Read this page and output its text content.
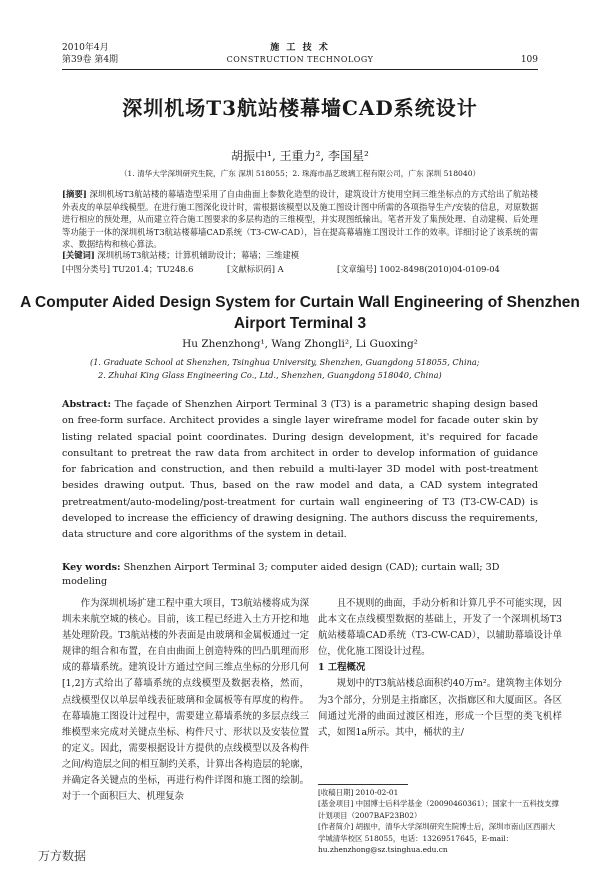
2010年4月
第39卷 第4期
施 工 技 术
CONSTRUCTION TECHNOLOGY	109
深圳机场T3航站楼幕墙CAD系统设计
胡振中¹, 王重力², 李国星²
（1. 清华大学深圳研究生院，广东 深圳 518055；2. 珠海市晶艺玻璃工程有限公司，广东 深圳 518040）
[摘要] 深圳机场T3航站楼的幕墙造型采用了自由曲面上参数化造型的设计，建筑设计方使用空间三维坐标点的方式给出了航站楼外表皮的单层单线模型。在进行施工图深化设计时，需根据该模型以及施工图设计图中所需的各项指导生产/安装的信息，对原数据进行相应的预处理，从而建立符合施工图要求的多层构造的三维模型，并实现图纸输出。笔者开发了集预处理、自动建模、后处理等功能于一体的深圳机场T3航站楼幕墙CAD系统（T3-CW-CAD），旨在提高幕墙施工图设计工作的效率。详细讨论了该系统的需求、数据结构和核心算法。
[关键词] 深圳机场T3航站楼；计算机辅助设计；幕墙；三维建模
[中图分类号] TU201.4；TU248.6	[文献标识码] A	[文章编号] 1002-8498(2010)04-0109-04
A Computer Aided Design System for Curtain Wall Engineering of Shenzhen Airport Terminal 3
Hu Zhenzhong¹, Wang Zhongli², Li Guoxing²
(1. Graduate School at Shenzhen, Tsinghua University, Shenzhen, Guangdong 518055, China;
2. Zhuhai King Glass Engineering Co., Ltd., Shenzhen, Guangdong 518040, China)
Abstract: The façade of Shenzhen Airport Terminal 3 (T3) is a parametric shaping design based on free-form surface. Architect provides a single layer wireframe model for facade outer skin by listing related spacial point coordinates. During design development, it's required for facade consultant to pretreat the raw data from architect in order to develop information of guidance for fabrication and construction, and then rebuild a multi-layer 3D model with post-treatment besides drawing output. Thus, based on the raw model and data, a CAD system integrated pretreatment/auto-modeling/post-treatment for curtain wall engineering of T3 (T3-CW-CAD) is developed to increase the efficiency of drawing designing. The authors discuss the requirements, data structure and core algorithms of the system in detail.
Key words: Shenzhen Airport Terminal 3; computer aided design (CAD); curtain wall; 3D modeling

作为深圳机场扩建工程中重大项目，T3航站楼将成为深圳未来航空城的核心。目前，该工程已经进入土方开挖和地基处理阶段。T3航站楼的外表面是由玻璃和金属板通过一定规律的组合和布置，在自由曲面上创造特殊的凹凸肌理而形成的幕墙系统。建筑设计方通过空间三维点坐标的分形几何[1,2]方式给出了幕墙系统的点线模型及数据表格，然而，点线模型仅以单层单线表征玻璃和金属板等有厚度的构件。在幕墙施工图设计过程中，需要建立幕墙系统的多层点线三维模型来完成对关键点坐标、构件尺寸、形状以及安装位置的定义。因此，需要根据设计方提供的点线模型以及各构件之间/构造层之间的相互制约关系，计算出各构造层的轮廓，并确定各关键点的坐标，再进行构件详图和施工图的绘制。对于一个面积巨大、机理复杂

且不规则的曲面，手动分析和计算几乎不可能实现，因此本文在点线模型数据的基础上，开发了一个深圳机场T3航站楼幕墙CAD系统（T3-CW-CAD），以辅助幕墙设计单位，优化施工图设计过程。

1 工程概况

规划中的T3航站楼总面积约40万m²。建筑物主体划分为3个部分，分别是主指廊区，次指廊区和大厦面区。各区间通过光滑的曲面过渡区相连，形成一个巨型的类飞机样式，如图1a所示。其中，桶状的主/

[收稿日期] 2010-02-01

[基金项目] 中国博士后科学基金（20090460361）；国家十一五科技支撑计划项目（2007BAF23B02）

[作者简介] 胡振中，清华大学深圳研究生院博士后，深圳市南山区西丽大学城清华校区 518055，电话：13269517645，E-mail：hu.zhenzhong@sz.tsinghua.edu.cn

万方数据
